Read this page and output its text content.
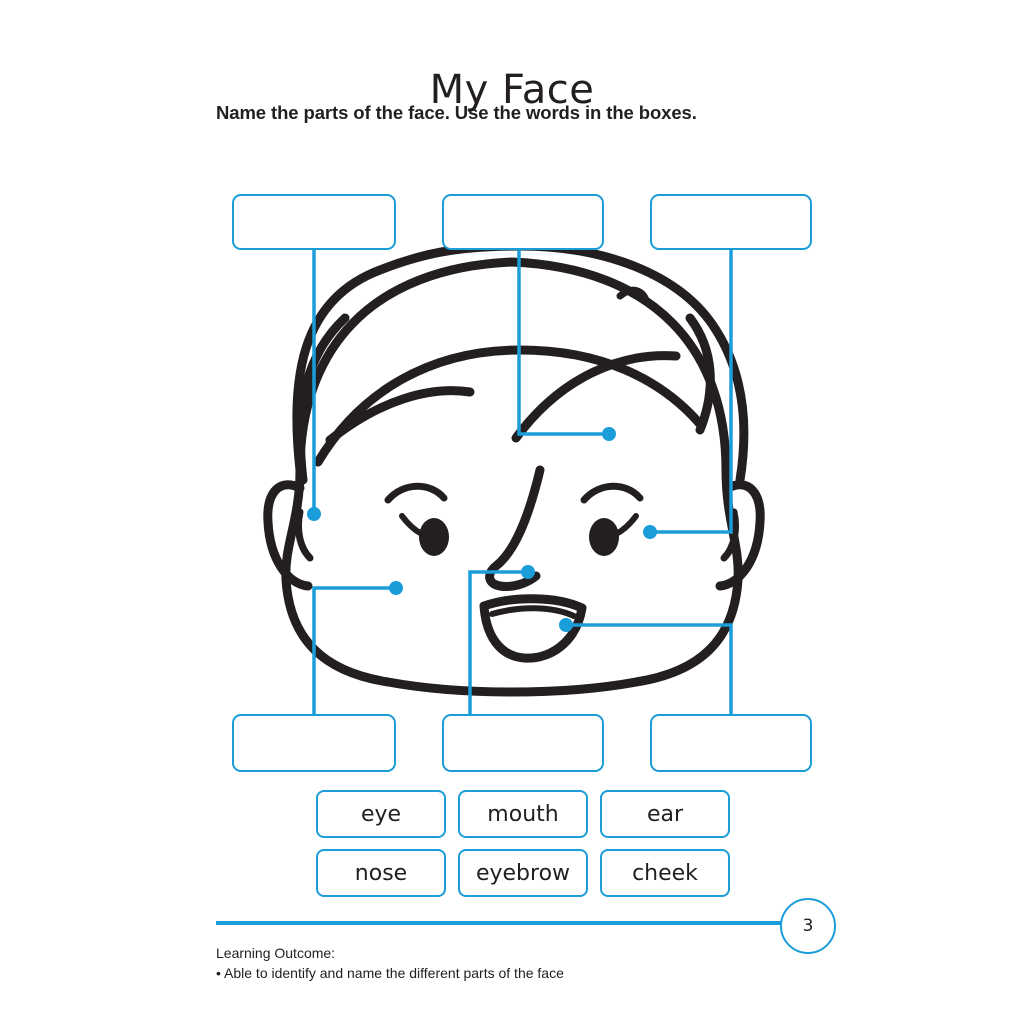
My Face
Name the parts of the face. Use the words in the boxes.
eye	mouth	ear
nose	eyebrow	cheek
3
Learning Outcome:
• Able to identify and name the different parts of the face
